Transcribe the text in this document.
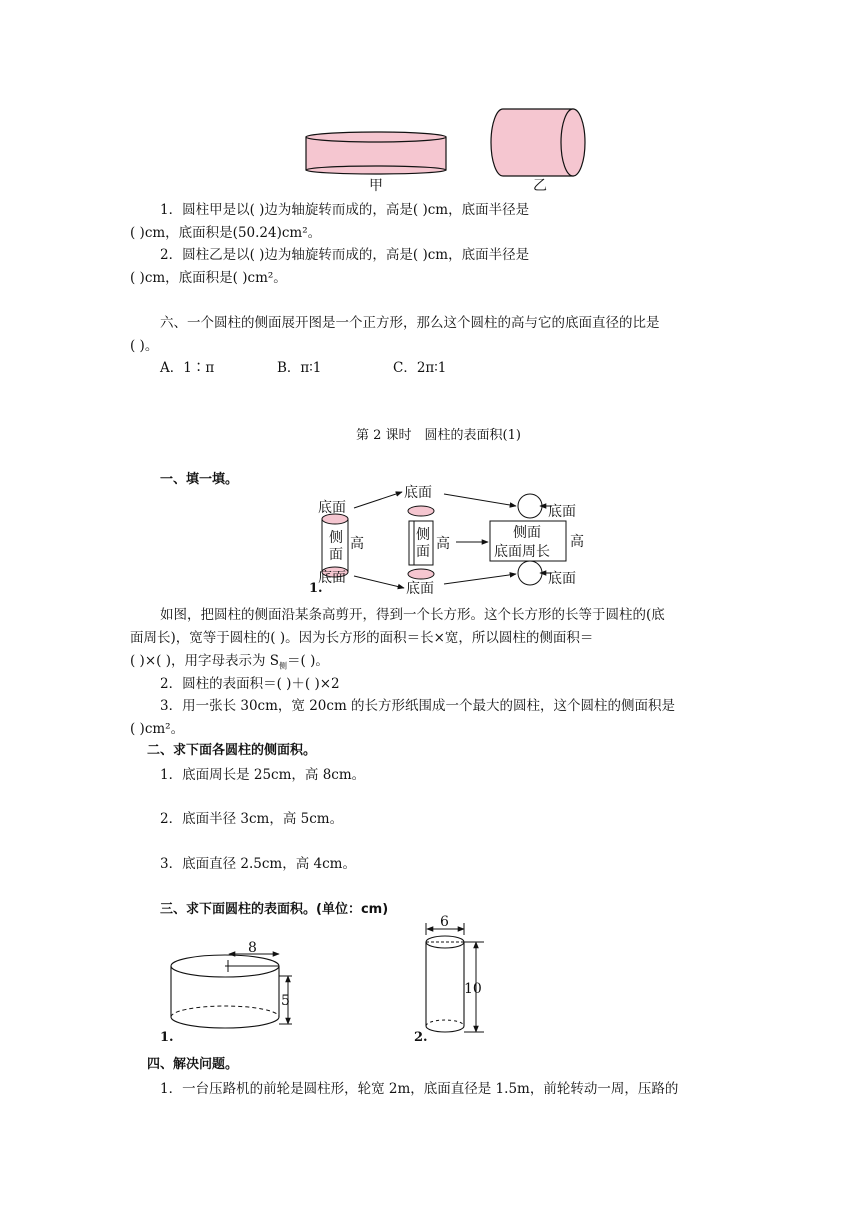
甲	乙
1．圆柱甲是以( )边为轴旋转而成的，高是( )cm，底面半径是
( )cm，底面积是(50.24)cm²。
2．圆柱乙是以( )边为轴旋转而成的，高是( )cm，底面半径是
( )cm，底面积是( )cm²。
六、一个圆柱的侧面展开图是一个正方形，那么这个圆柱的高与它的底面直径的比是
( )。
A．1∶π	B．π∶1	C．2π∶1
第 2 课时　圆柱的表面积(1)
一、填一填。
底面
侧
面
高
底面
1.
底面
侧
面 高
底面
底面
侧面
底面周长
高
底面
如图，把圆柱的侧面沿某条高剪开，得到一个长方形。这个长方形的长等于圆柱的(底
面周长)，宽等于圆柱的( )。因为长方形的面积＝长×宽，所以圆柱的侧面积＝
( )×( )，用字母表示为 $S_侧=$( )。
2．圆柱的表面积＝( )＋( )×2
3．用一张长 30cm，宽 20cm 的长方形纸围成一个最大的圆柱，这个圆柱的侧面积是
( )cm²。
二、求下面各圆柱的侧面积。
1．底面周长是 25cm，高 8cm。
2．底面半径 3cm，高 5cm。
3．底面直径 2.5cm，高 4cm。
三、求下面圆柱的表面积。(单位：cm)
8
5
1.
6
10
2.
四、解决问题。
1．一台压路机的前轮是圆柱形，轮宽 2m，底面直径是 1.5m，前轮转动一周，压路的
